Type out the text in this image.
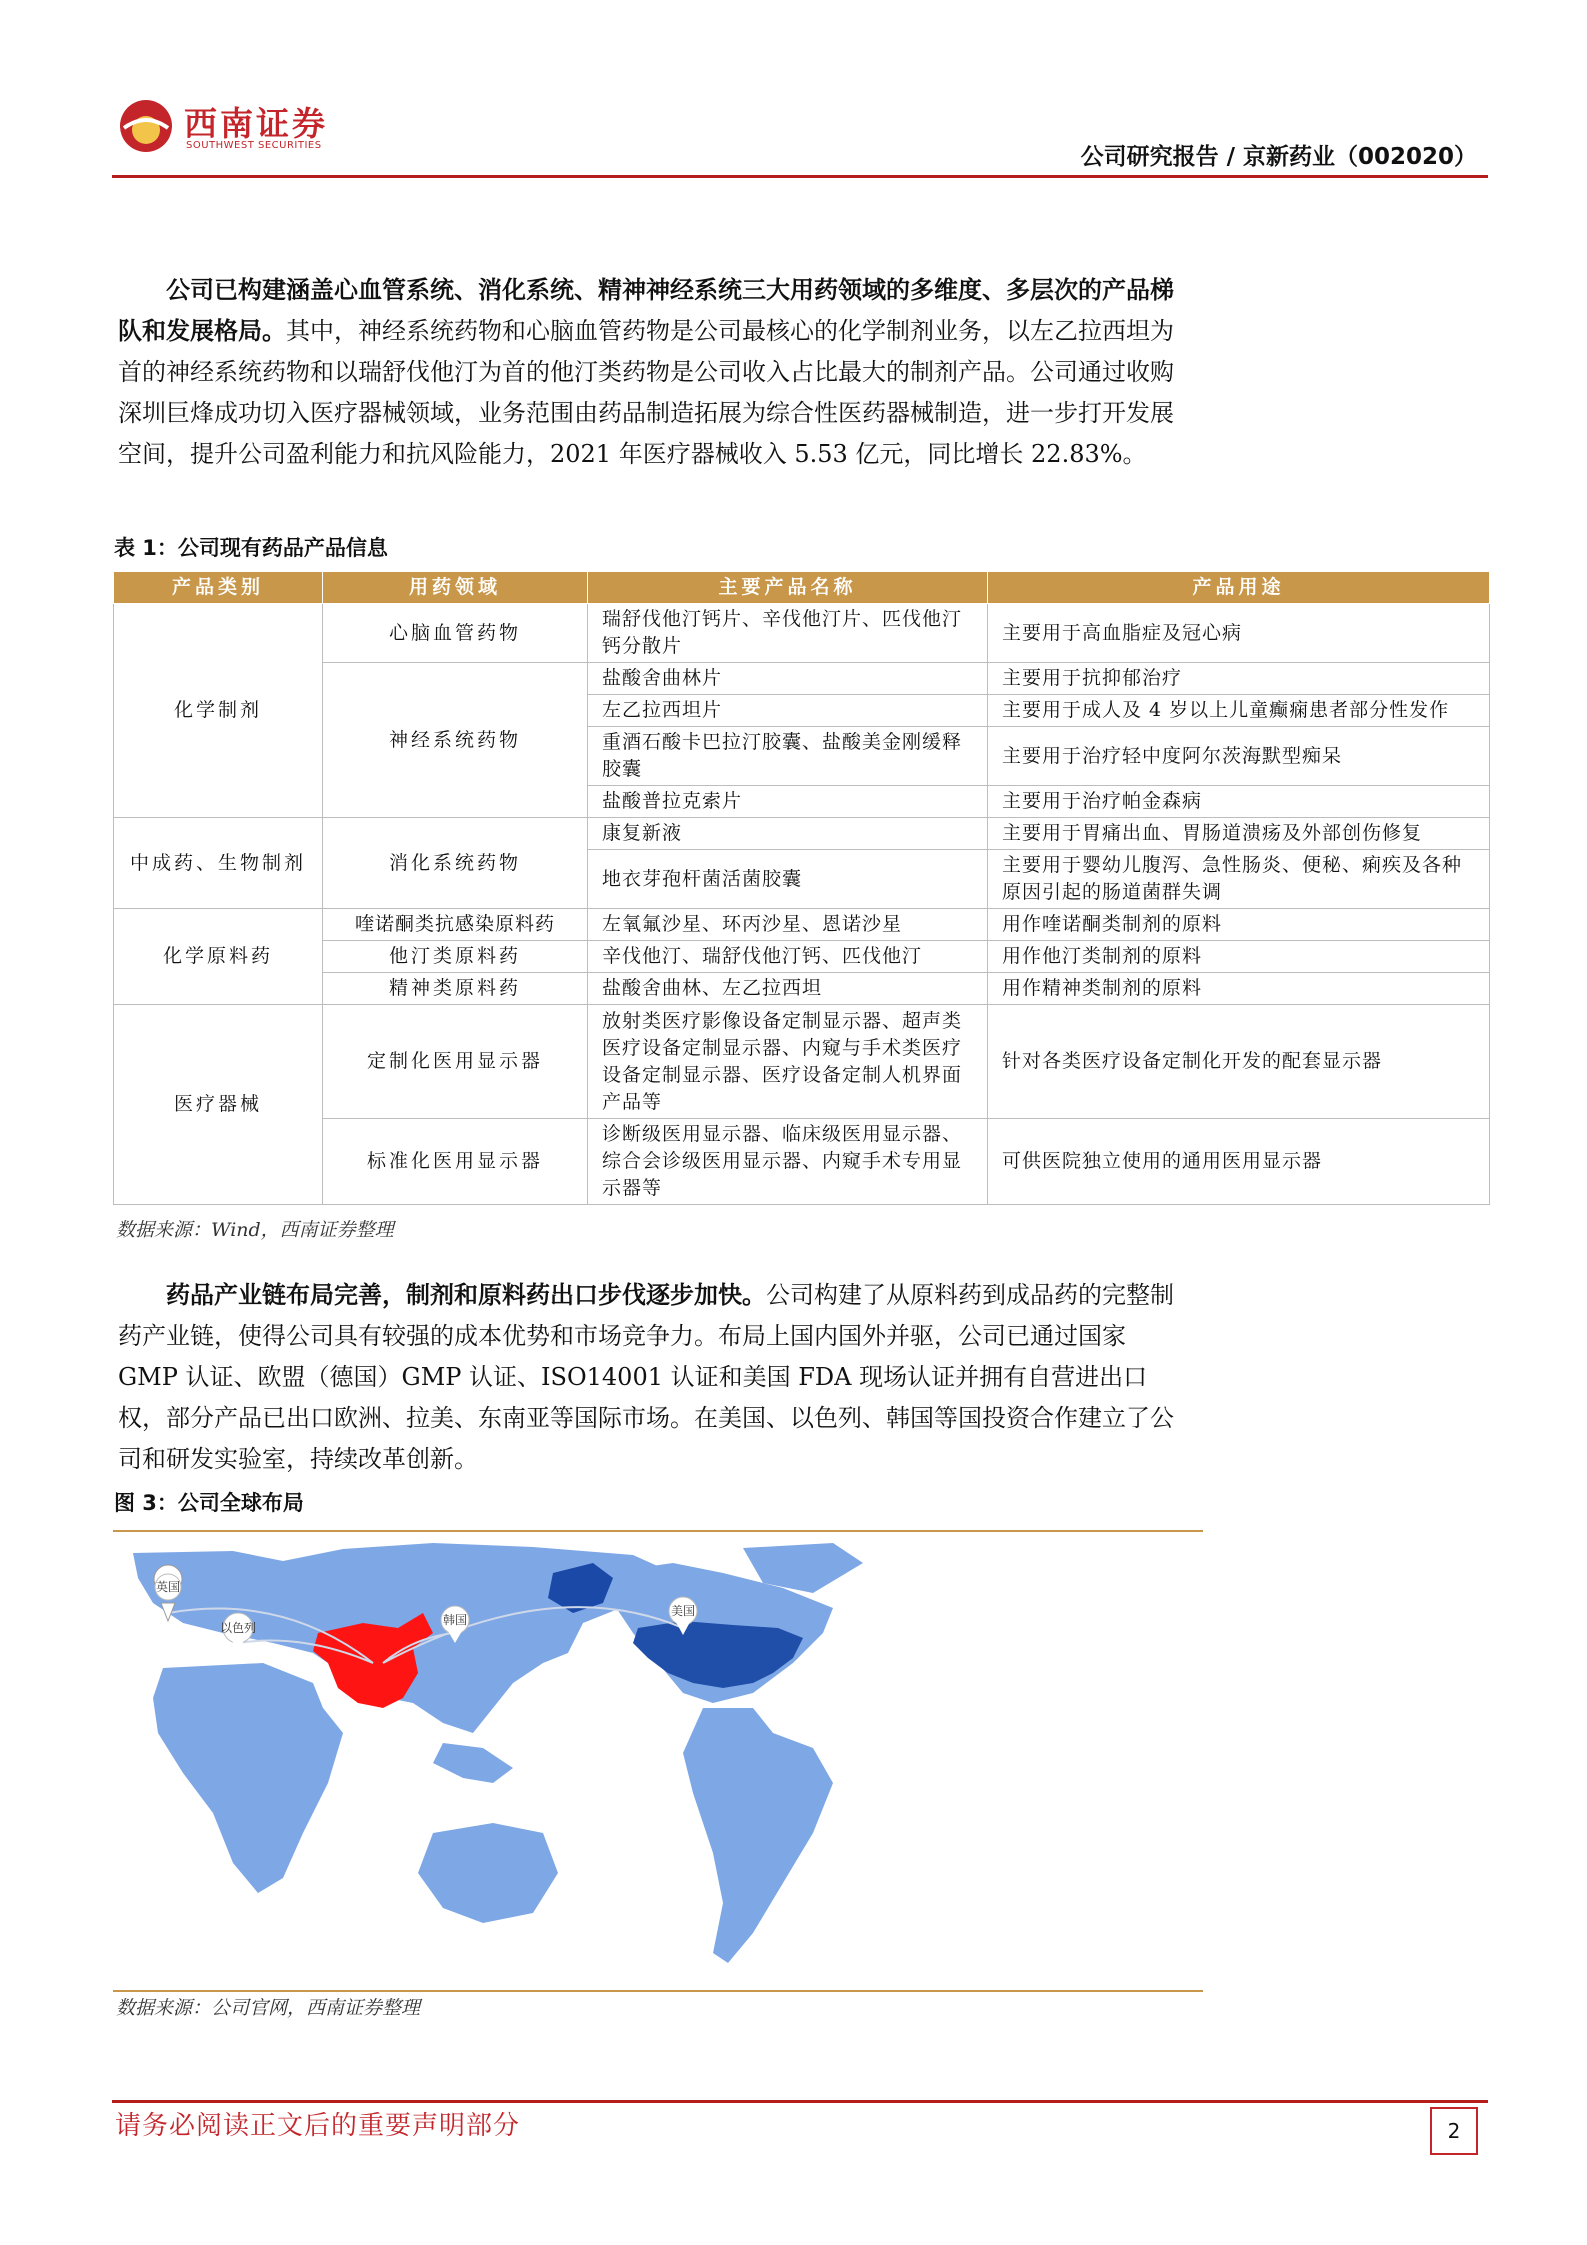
西南证券
SOUTHWEST SECURITIES	公司研究报告 / 京新药业（002020）
公司已构建涵盖心血管系统、消化系统、精神神经系统三大用药领域的多维度、多层次的产品梯队和发展格局。其中，神经系统药物和心脑血管药物是公司最核心的化学制剂业务，以左乙拉西坦为首的神经系统药物和以瑞舒伐他汀为首的他汀类药物是公司收入占比最大的制剂产品。公司通过收购深圳巨烽成功切入医疗器械领域，业务范围由药品制造拓展为综合性医药器械制造，进一步打开发展空间，提升公司盈利能力和抗风险能力，2021 年医疗器械收入 5.53 亿元，同比增长 22.83%。
表 1：公司现有药品产品信息
产品类别	用药领域	主要产品名称	产品用途
化学制剂	心脑血管药物	瑞舒伐他汀钙片、辛伐他汀片、匹伐他汀钙分散片	主要用于高血脂症及冠心病
	神经系统药物	盐酸舍曲林片	主要用于抗抑郁治疗
		左乙拉西坦片	主要用于成人及 4 岁以上儿童癫痫患者部分性发作
		重酒石酸卡巴拉汀胶囊、盐酸美金刚缓释胶囊	主要用于治疗轻中度阿尔茨海默型痴呆
		盐酸普拉克索片	主要用于治疗帕金森病
中成药、生物制剂	消化系统药物	康复新液	主要用于胃痛出血、胃肠道溃疡及外部创伤修复
		地衣芽孢杆菌活菌胶囊	主要用于婴幼儿腹泻、急性肠炎、便秘、痢疾及各种原因引起的肠道菌群失调
化学原料药	喹诺酮类抗感染原料药	左氧氟沙星、环丙沙星、恩诺沙星	用作喹诺酮类制剂的原料
	他汀类原料药	辛伐他汀、瑞舒伐他汀钙、匹伐他汀	用作他汀类制剂的原料
	精神类原料药	盐酸舍曲林、左乙拉西坦	用作精神类制剂的原料
医疗器械	定制化医用显示器	放射类医疗影像设备定制显示器、超声类医疗设备定制显示器、内窥与手术类医疗设备定制显示器、医疗设备定制人机界面产品等	针对各类医疗设备定制化开发的配套显示器
	标准化医用显示器	诊断级医用显示器、临床级医用显示器、综合会诊级医用显示器、内窥手术专用显示器等	可供医院独立使用的通用医用显示器
数据来源：Wind，西南证券整理
药品产业链布局完善，制剂和原料药出口步伐逐步加快。公司构建了从原料药到成品药的完整制药产业链，使得公司具有较强的成本优势和市场竞争力。布局上国内国外并驱，公司已通过国家 GMP 认证、欧盟（德国）GMP 认证、ISO14001 认证和美国 FDA 现场认证并拥有自营进出口权，部分产品已出口欧洲、拉美、东南亚等国际市场。在美国、以色列、韩国等国投资合作建立了公司和研发实验室，持续改革创新。
图 3：公司全球布局
英国
以色列
韩国
美国
数据来源：公司官网，西南证券整理
请务必阅读正文后的重要声明部分	2
